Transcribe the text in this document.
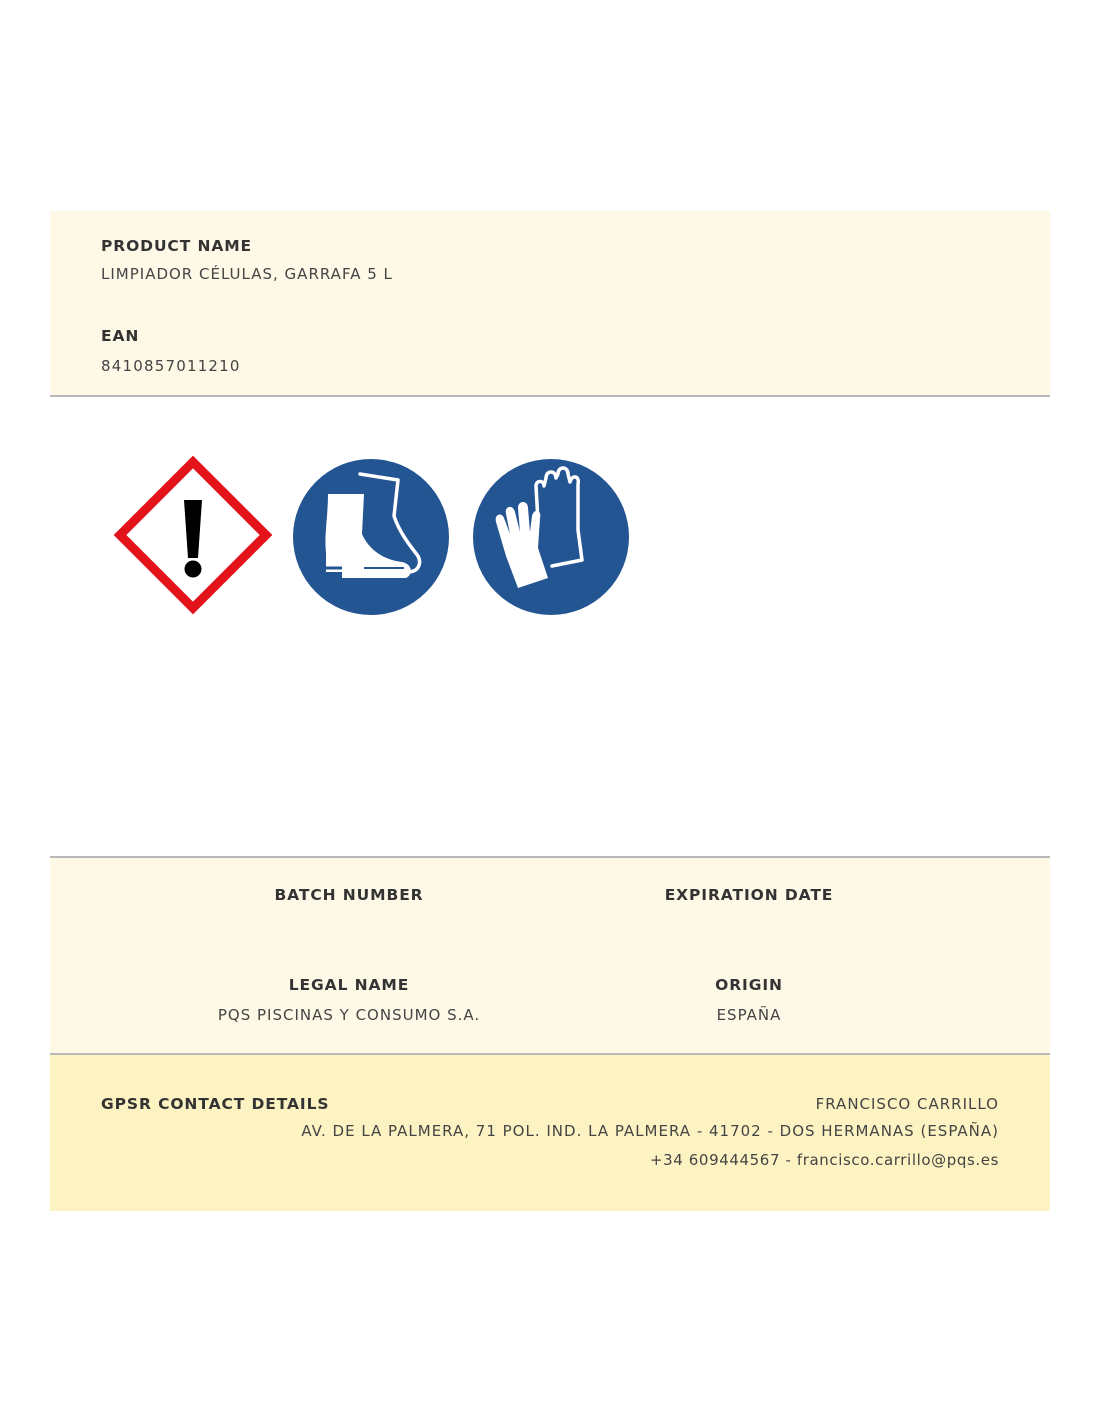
PRODUCT NAME
LIMPIADOR CÉLULAS, GARRAFA 5 L
EAN
8410857011210
BATCH NUMBER	EXPIRATION DATE
LEGAL NAME
PQS PISCINAS Y CONSUMO S.A.
ORIGIN
ESPAÑA
GPSR CONTACT DETAILS	FRANCISCO CARRILLO
AV. DE LA PALMERA, 71 POL. IND. LA PALMERA - 41702 - DOS HERMANAS (ESPAÑA)
+34 609444567 - francisco.carrillo@pqs.es
